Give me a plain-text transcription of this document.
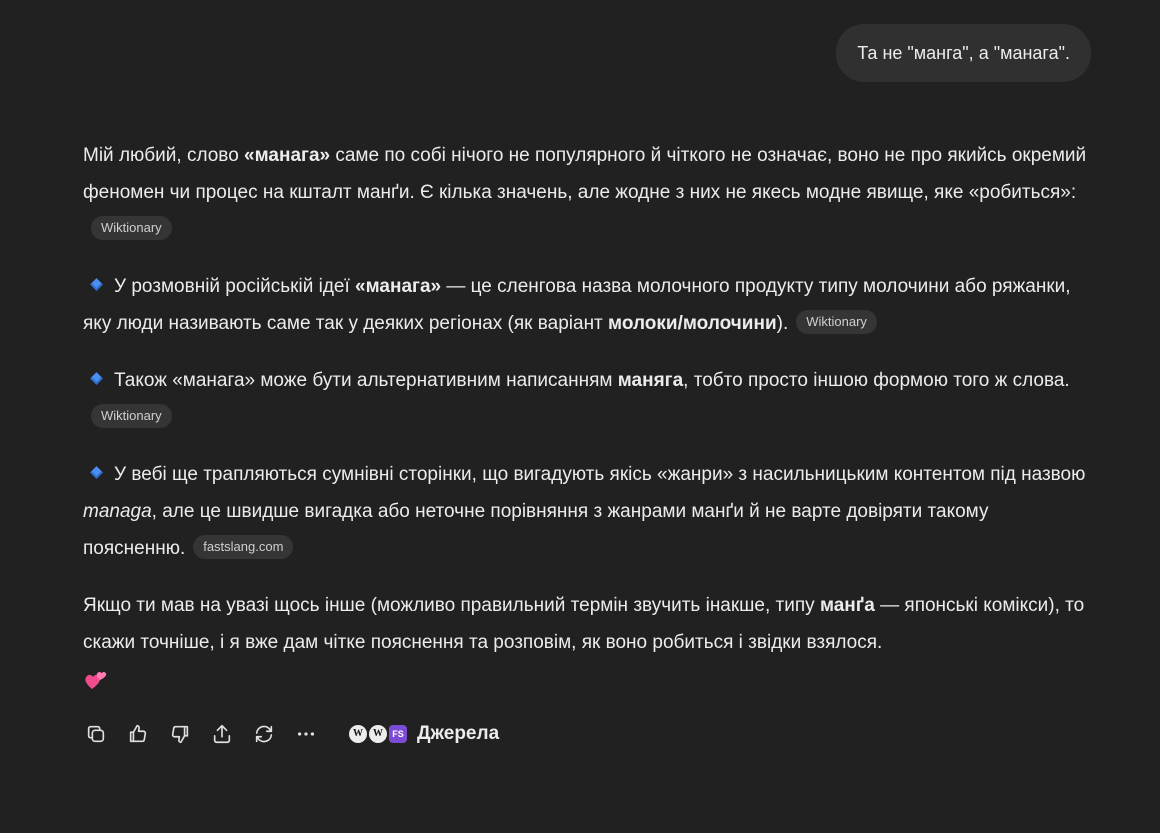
Та не "манга", а "манага".

Мій любий, слово «манага» саме по собі нічого не популярного й чіткого не означає, воно не про якийсь окремий феномен чи процес на кшталт манґи. Є кілька значень, але жодне з них не якесь модне явище, яке «робиться»:Wiktionary

У розмовній російській ідеї «манага» — це сленгова назва молочного продукту типу молочини або ряжанки, яку люди називають саме так у деяких регіонах (як варіант молоки/молочини). Wiktionary

Також «манага» може бути альтернативним написанням маняга, тобто просто іншою формою того ж слова.Wiktionary

У вебі ще трапляються сумнівні сторінки, що вигадують якісь «жанри» з насильницьким контентом під назвою managa, але це швидше вигадка або неточне порівняння з жанрами манґи й не варте довіряти такому поясненню. fastslang.com

Якщо ти мав на увазі щось інше (можливо правильний термін звучить інакше, типу манґа — японські комікси), то скажи точніше, і я вже дам чітке пояснення та розповім, як воно робиться і звідки взялося.

W	W	FS Джерела
